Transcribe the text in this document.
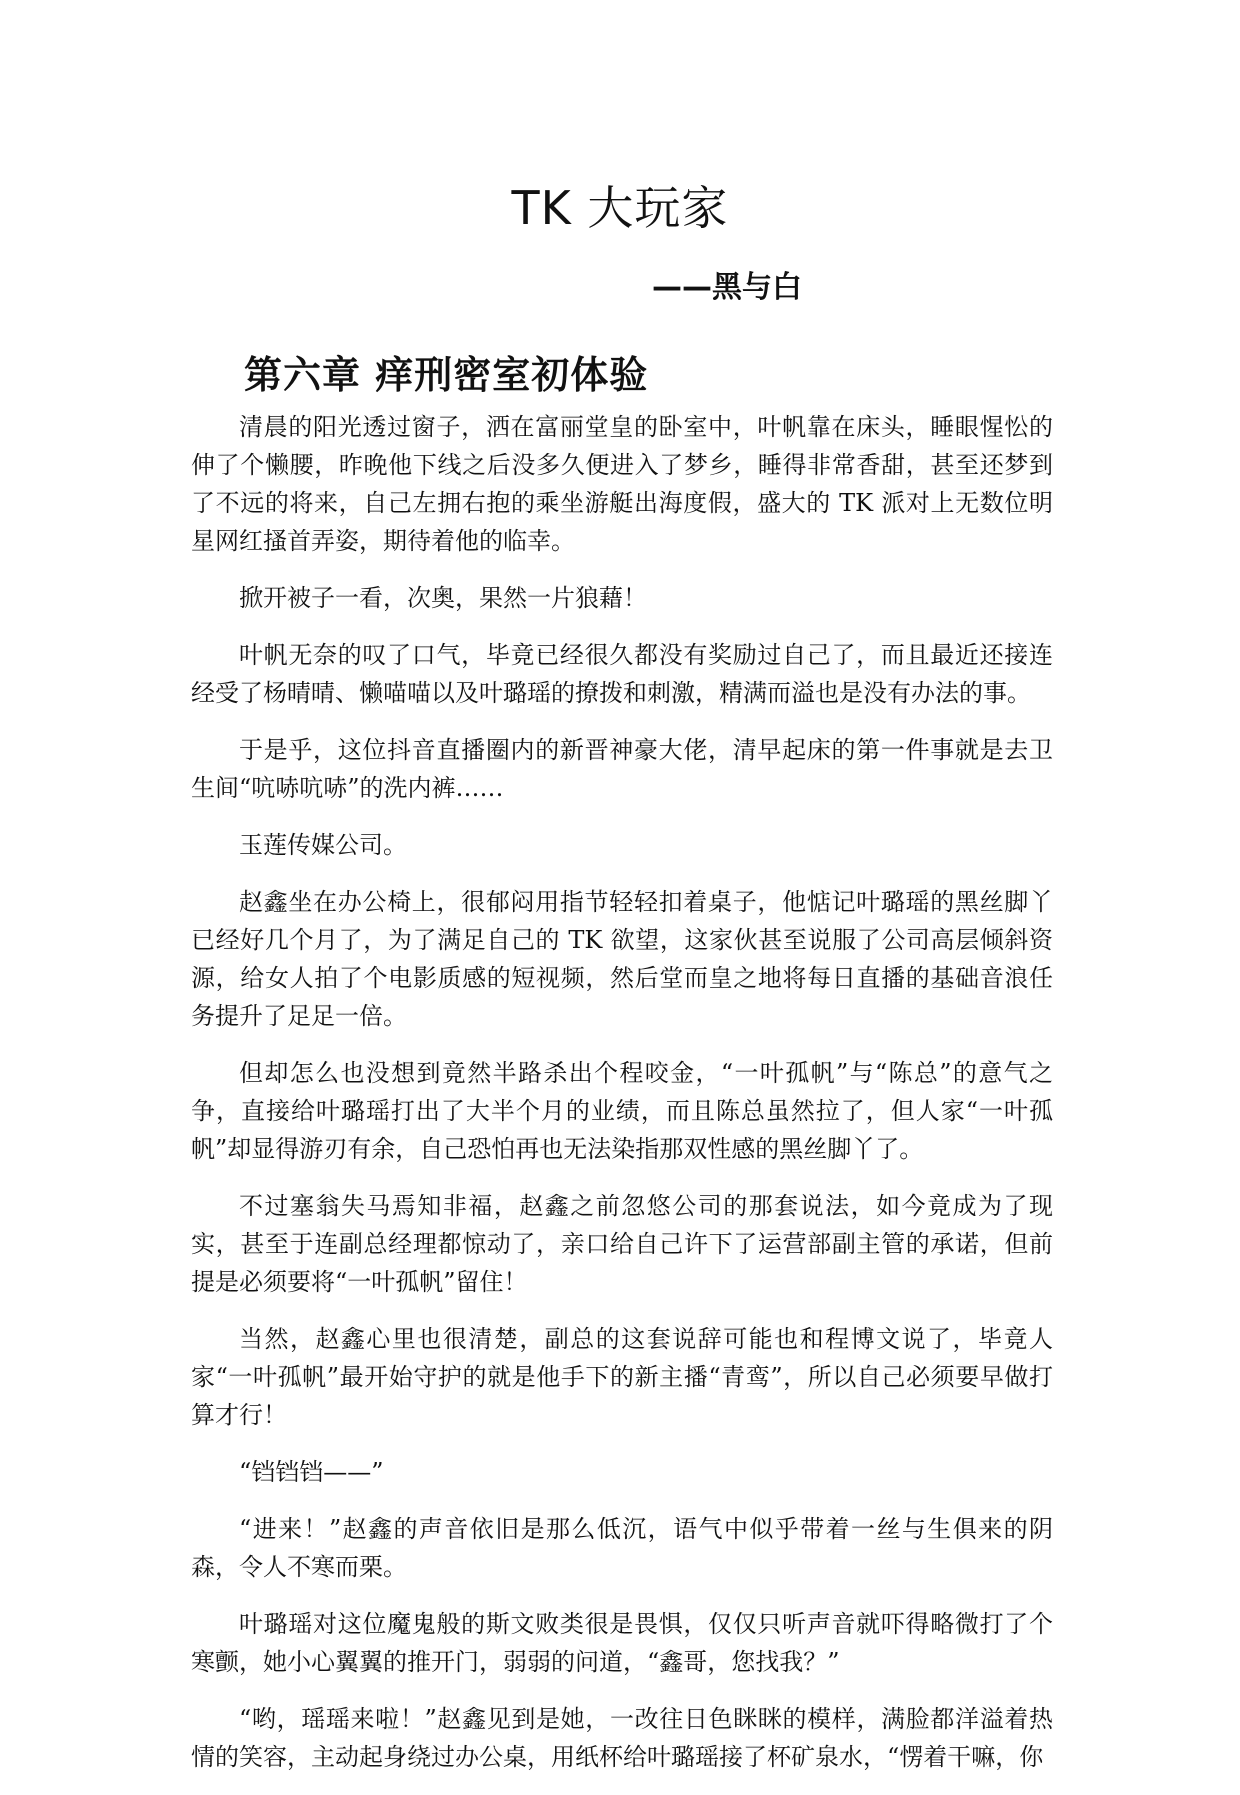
TK 大玩家
——黑与白
第六章 痒刑密室初体验

清晨的阳光透过窗子，洒在富丽堂皇的卧室中，叶帆靠在床头，睡眼惺忪的伸了个懒腰，昨晚他下线之后没多久便进入了梦乡，睡得非常香甜，甚至还梦到了不远的将来，自己左拥右抱的乘坐游艇出海度假，盛大的 TK 派对上无数位明星网红搔首弄姿，期待着他的临幸。

掀开被子一看，次奥，果然一片狼藉！

叶帆无奈的叹了口气，毕竟已经很久都没有奖励过自己了，而且最近还接连经受了杨晴晴、懒喵喵以及叶璐瑶的撩拨和刺激，精满而溢也是没有办法的事。

于是乎，这位抖音直播圈内的新晋神豪大佬，清早起床的第一件事就是去卫生间“吭哧吭哧”的洗内裤……

玉莲传媒公司。

赵鑫坐在办公椅上，很郁闷用指节轻轻扣着桌子，他惦记叶璐瑶的黑丝脚丫已经好几个月了，为了满足自己的 TK 欲望，这家伙甚至说服了公司高层倾斜资源，给女人拍了个电影质感的短视频，然后堂而皇之地将每日直播的基础音浪任务提升了足足一倍。

但却怎么也没想到竟然半路杀出个程咬金，“一叶孤帆”与“陈总”的意气之争，直接给叶璐瑶打出了大半个月的业绩，而且陈总虽然拉了，但人家“一叶孤帆”却显得游刃有余，自己恐怕再也无法染指那双性感的黑丝脚丫了。

不过塞翁失马焉知非福，赵鑫之前忽悠公司的那套说法，如今竟成为了现实，甚至于连副总经理都惊动了，亲口给自己许下了运营部副主管的承诺，但前提是必须要将“一叶孤帆”留住！

当然，赵鑫心里也很清楚，副总的这套说辞可能也和程博文说了，毕竟人家“一叶孤帆”最开始守护的就是他手下的新主播“青鸾”，所以自己必须要早做打算才行！

“铛铛铛——”

“进来！”赵鑫的声音依旧是那么低沉，语气中似乎带着一丝与生俱来的阴森，令人不寒而栗。

叶璐瑶对这位魔鬼般的斯文败类很是畏惧，仅仅只听声音就吓得略微打了个寒颤，她小心翼翼的推开门，弱弱的问道，“鑫哥，您找我？”

“哟，瑶瑶来啦！”赵鑫见到是她，一改往日色眯眯的模样，满脸都洋溢着热情的笑容，主动起身绕过办公桌，用纸杯给叶璐瑶接了杯矿泉水，“愣着干嘛，你
